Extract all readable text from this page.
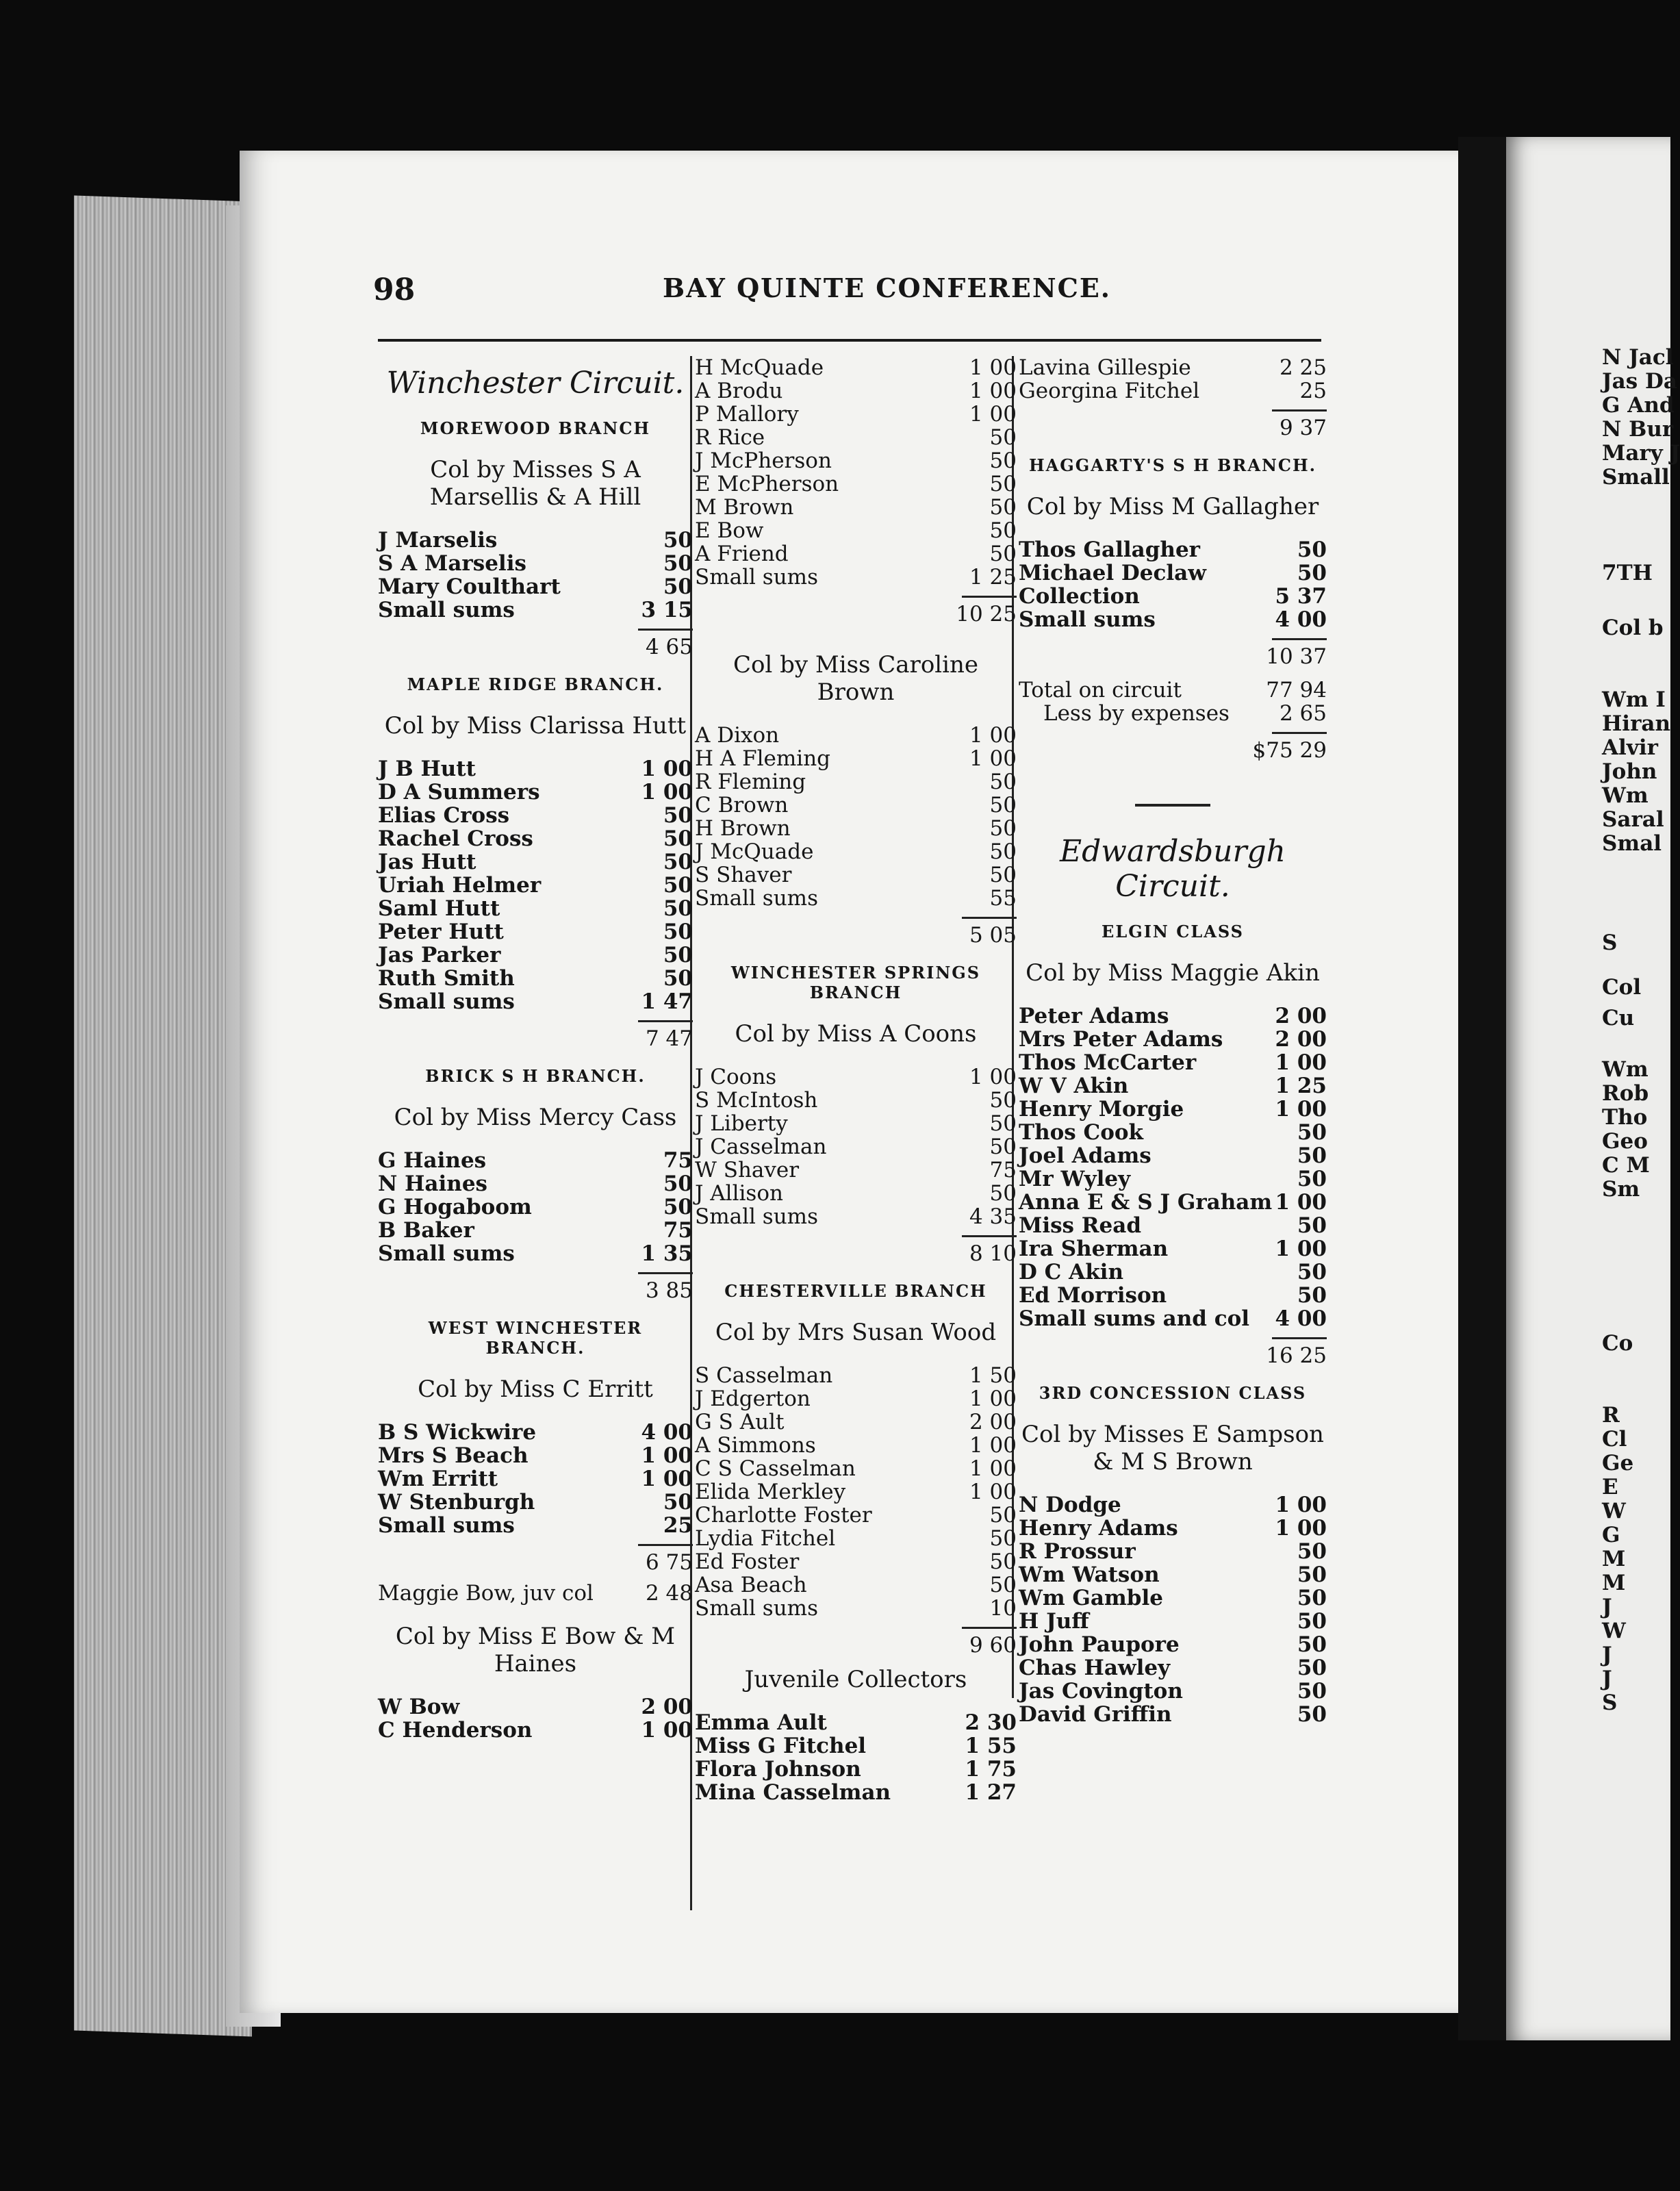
98	BAY QUINTE CONFERENCE.
Winchester Circuit.
MOREWOOD BRANCH
Col by Misses S A Marsellis & A Hill
J Marselis	50
S A Marselis	50
Mary Coulthart	50
Small sums	3 15
4 65
MAPLE RIDGE BRANCH.
Col by Miss Clarissa Hutt
J B Hutt	1 00
D A Summers	1 00
Elias Cross	50
Rachel Cross	50
Jas Hutt	50
Uriah Helmer	50
Saml Hutt	50
Peter Hutt	50
Jas Parker	50
Ruth Smith	50
Small sums	1 47
7 47
BRICK S H BRANCH.
Col by Miss Mercy Cass
G Haines	75
N Haines	50
G Hogaboom	50
B Baker	75
Small sums	1 35
3 85
WEST WINCHESTER BRANCH.
Col by Miss C Erritt
B S Wickwire	4 00
Mrs S Beach	1 00
Wm Erritt	1 00
W Stenburgh	50
Small sums	25
6 75
Maggie Bow, juv col 2 48
Col by Miss E Bow & M Haines
W Bow	2 00
C Henderson	1 00
H McQuade	1 00
A Brodu	1 00
P Mallory	1 00
R Rice	50
J McPherson	50
E McPherson	50
M Brown	50
E Bow	50
A Friend	50
Small sums	1 25
10 25
Col by Miss Caroline Brown
A Dixon	1 00
H A Fleming	1 00
R Fleming	50
C Brown	50
H Brown	50
J McQuade	50
S Shaver	50
Small sums	55
5 05
WINCHESTER SPRINGS BRANCH
Col by Miss A Coons
J Coons	1 00
S McIntosh	50
J Liberty	50
J Casselman	50
W Shaver	75
J Allison	50
Small sums	4 35
8 10
CHESTERVILLE BRANCH
Col by Mrs Susan Wood
S Casselman	1 50
J Edgerton	1 00
G S Ault	2 00
A Simmons	1 00
C S Casselman	1 00
Elida Merkley	1 00
Charlotte Foster	50
Lydia Fitchel	50
Ed Foster	50
Asa Beach	50
Small sums	10
9 60
Juvenile Collectors
Emma Ault	2 30
Miss G Fitchel	1 55
Flora Johnson	1 75
Mina Casselman	1 27
Lavina Gillespie	2 25
Georgina Fitchel	25
9 37
HAGGARTY'S S H BRANCH.
Col by Miss M Gallagher
Thos Gallagher	50
Michael Declaw	50
Collection	5 37
Small sums	4 00
10 37
Total on circuit	77 94
Less by expenses 2 65
$75 29
Edwardsburgh Circuit.
ELGIN CLASS
Col by Miss Maggie Akin
Peter Adams	2 00
Mrs Peter Adams 2 00
Thos McCarter	1 00
W V Akin	1 25
Henry Morgie	1 00
Thos Cook	50
Joel Adams	50
Mr Wyley	50
Anna E & S J Graham 1 00
Miss Read	50
Ira Sherman	1 00
D C Akin	50
Ed Morrison	50
Small sums and col 4 00
16 25
3RD CONCESSION CLASS
Col by Misses E Sampson & M S Brown
N Dodge	1 00
Henry Adams	1 00
R Prossur	50
Wm Watson	50
Wm Gamble	50
H Juff	50
John Paupore	50
Chas Hawley	50
Jas Covington	50
David Griffin	50
N Jacl
Jas Da
G And
N Bur
Mary J
Small
7TH
Col b
Wm I
Hiran
Alvir
John
Wm
Saral
Smal
S
Col
Cu
Wm
Rob
Tho
Geo
C M
Sm
Co
R
Cl
Ge
E
W
G
M
M
J
W
J
J
S
